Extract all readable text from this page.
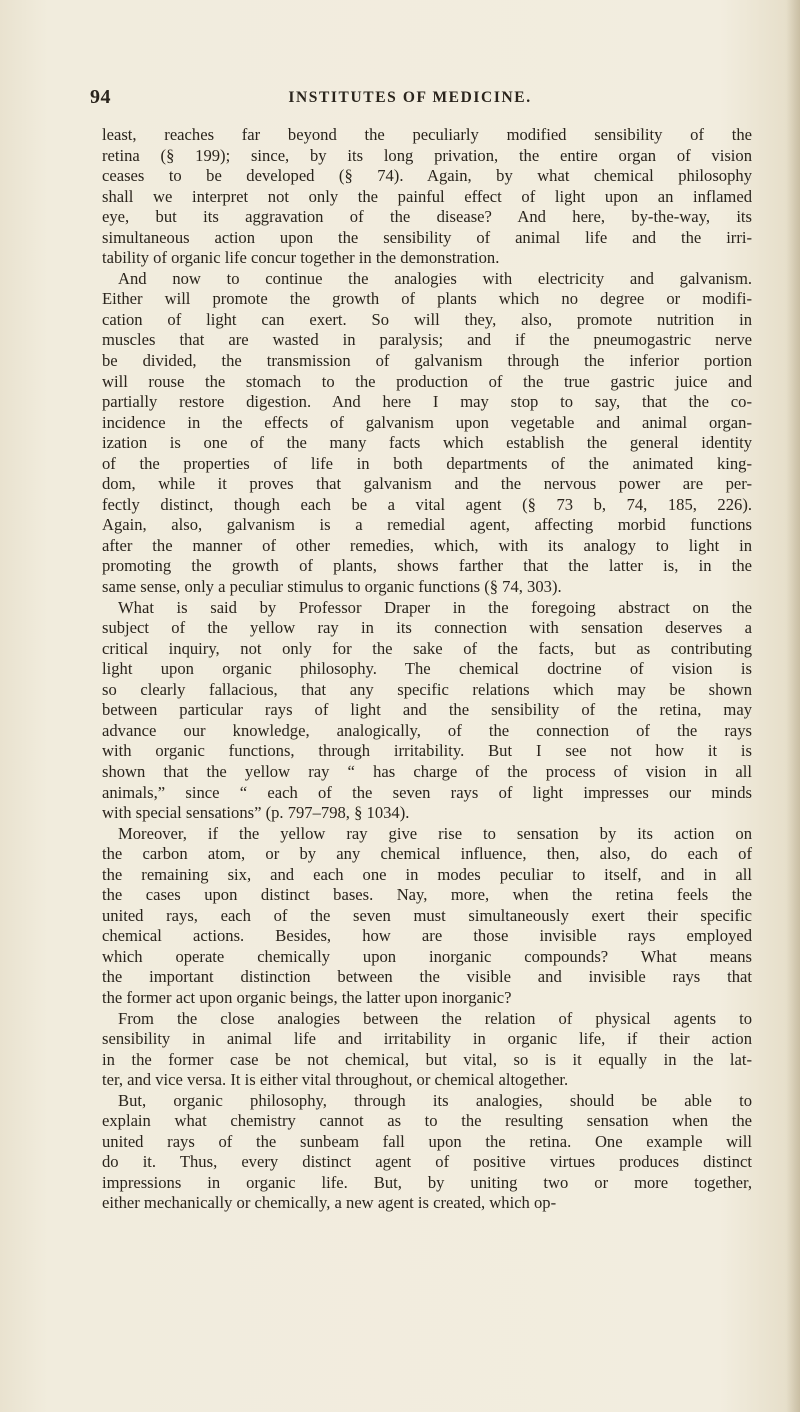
94	INSTITUTES OF MEDICINE.
least, reaches far beyond the peculiarly modified sensibility of the
retina (§ 199); since, by its long privation, the entire organ of vision
ceases to be developed (§ 74). Again, by what chemical philosophy
shall we interpret not only the painful effect of light upon an inflamed
eye, but its aggravation of the disease? And here, by-the-way, its
simultaneous action upon the sensibility of animal life and the irri-
tability of organic life concur together in the demonstration.
And now to continue the analogies with electricity and galvanism.
Either will promote the growth of plants which no degree or modifi-
cation of light can exert. So will they, also, promote nutrition in
muscles that are wasted in paralysis; and if the pneumogastric nerve
be divided, the transmission of galvanism through the inferior portion
will rouse the stomach to the production of the true gastric juice and
partially restore digestion. And here I may stop to say, that the co-
incidence in the effects of galvanism upon vegetable and animal organ-
ization is one of the many facts which establish the general identity
of the properties of life in both departments of the animated king-
dom, while it proves that galvanism and the nervous power are per-
fectly distinct, though each be a vital agent (§ 73 b, 74, 185, 226).
Again, also, galvanism is a remedial agent, affecting morbid functions
after the manner of other remedies, which, with its analogy to light in
promoting the growth of plants, shows farther that the latter is, in the
same sense, only a peculiar stimulus to organic functions (§ 74, 303).
What is said by Professor Draper in the foregoing abstract on the
subject of the yellow ray in its connection with sensation deserves a
critical inquiry, not only for the sake of the facts, but as contributing
light upon organic philosophy. The chemical doctrine of vision is
so clearly fallacious, that any specific relations which may be shown
between particular rays of light and the sensibility of the retina, may
advance our knowledge, analogically, of the connection of the rays
with organic functions, through irritability. But I see not how it is
shown that the yellow ray “ has charge of the process of vision in all
animals,” since “ each of the seven rays of light impresses our minds
with special sensations” (p. 797–798, § 1034).
Moreover, if the yellow ray give rise to sensation by its action on
the carbon atom, or by any chemical influence, then, also, do each of
the remaining six, and each one in modes peculiar to itself, and in all
the cases upon distinct bases. Nay, more, when the retina feels the
united rays, each of the seven must simultaneously exert their specific
chemical actions. Besides, how are those invisible rays employed
which operate chemically upon inorganic compounds? What means
the important distinction between the visible and invisible rays that
the former act upon organic beings, the latter upon inorganic?
From the close analogies between the relation of physical agents to
sensibility in animal life and irritability in organic life, if their action
in the former case be not chemical, but vital, so is it equally in the lat-
ter, and vice versa. It is either vital throughout, or chemical altogether.
But, organic philosophy, through its analogies, should be able to
explain what chemistry cannot as to the resulting sensation when the
united rays of the sunbeam fall upon the retina. One example will
do it. Thus, every distinct agent of positive virtues produces distinct
impressions in organic life. But, by uniting two or more together,
either mechanically or chemically, a new agent is created, which op-
